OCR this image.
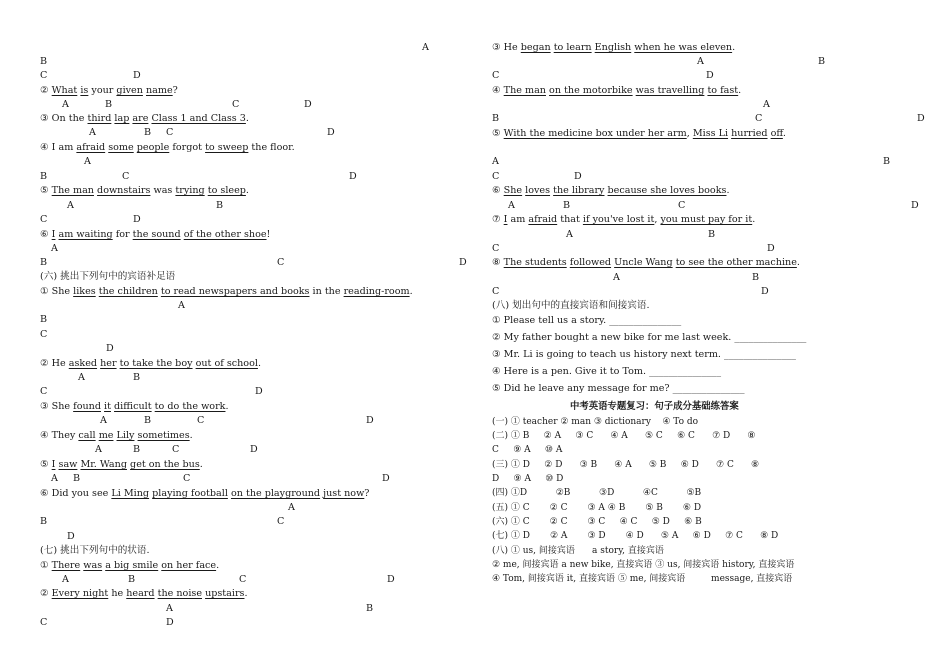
A
B
C	D
② What is your given name?
A	B	C	D
③ On the third lap are Class 1 and Class 3.
A	B C	D
④ I am afraid some people forgot to sweep the floor.
A
B	C	D
⑤ The man downstairs was trying to sleep.
A	B
C	D
⑥ I am waiting for the sound of the other shoe!
A
B	C	D
(六) 挑出下列句中的宾语补足语
① She likes the children to read newspapers and books in the reading-room.
A
B
C
D
② He asked her to take the boy out of school.
A	B
C	D
③ She found it difficult to do the work.
A	B	C	D
④ They call me Lily sometimes.
A	B	C	D
⑤ I saw Mr. Wang get on the bus.
A B	C	D
⑥ Did you see Li Ming playing football on the playground just now?
A
B	C
D
(七) 挑出下列句中的状语.
① There was a big smile on her face.
A	B	C	D
② Every night he heard the noise upstairs.
A	B
C	D
③ He began to learn English when he was eleven.
A	B
C	D
④ The man on the motorbike was travelling to fast.
A
B	C	D
⑤ With the medicine box under her arm, Miss Li hurried off.
A	B
C	D
⑥ She loves the library because she loves books.
A	B	C	D
⑦ I am afraid that if you've lost it, you must pay for it.
A	B
C	D
⑧ The students followed Uncle Wang to see the other machine.
A	B
C	D
(八) 划出句中的直接宾语和间接宾语.
① Please tell us a story. _______________
② My father bought a new bike for me last week. _______________
③ Mr. Li is going to teach us history next term. _______________
④ Here is a pen. Give it to Tom. _______________
⑤ Did he leave any message for me? _______________
中考英语专题复习：句子成分基础练答案
(一) ① teacher ② man ③ dictionary    ④ To do
(二) ① B     ② A     ③ C      ④ A      ⑤ C     ⑥ C      ⑦ D      ⑧
C     ⑨ A     ⑩ A
(三) ① D     ② D      ③ B      ④ A      ⑤ B     ⑥ D      ⑦ C      ⑧
D     ⑨ A     ⑩ D
(四) ①D          ②B          ③D          ④C          ⑤B
(五) ① C       ② C       ③ A ④ B       ⑤ B       ⑥ D
(六) ① C       ② C       ③ C     ④ C     ⑤ D     ⑥ B
(七) ① D       ② A       ③ D       ④ D      ⑤ A     ⑥ D     ⑦ C      ⑧ D
(八) ① us, 间接宾语      a story, 直接宾语
② me, 间接宾语 a new bike, 直接宾语 ③ us, 间接宾语 history, 直接宾语
④ Tom, 间接宾语 it, 直接宾语 ⑤ me, 间接宾语         message, 直接宾语
